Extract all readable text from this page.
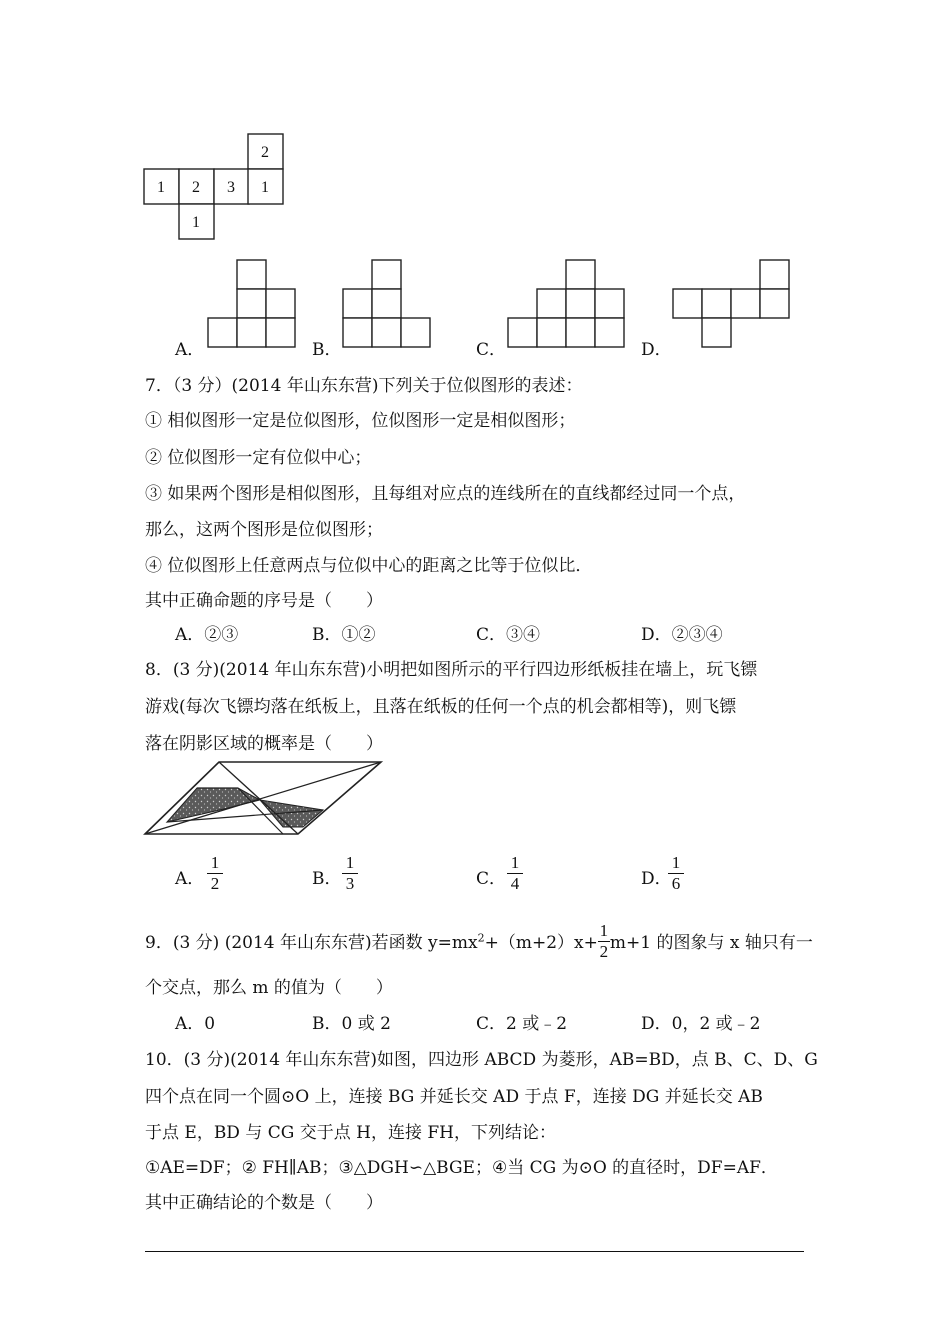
2
1 2 3 1
1
A．	B．	C．	D．
7．（3 分）(2014 年山东东营)下列关于位似图形的表述：
① 相似图形一定是位似图形，位似图形一定是相似图形；
② 位似图形一定有位似中心；
③ 如果两个图形是相似图形，且每组对应点的连线所在的直线都经过同一个点，
那么，这两个图形是位似图形；
④ 位似图形上任意两点与位似中心的距离之比等于位似比．
其中正确命题的序号是（　　）
A．②③	B．①②	C．③④	D．②③④
8．(3 分)(2014 年山东东营)小明把如图所示的平行四边形纸板挂在墙上，玩飞镖
游戏(每次飞镖均落在纸板上，且落在纸板的任何一个点的机会都相等)，则飞镖
落在阴影区域的概率是（　　）
A． $\frac{1}{2}$	B． $\frac{1}{3}$	C． $\frac{1}{4}$	D．
$\frac{1}{6}$
9．(3 分) (2014 年山东东营)若函数 $y=mx^2+(m+2)x+ \frac{1}{2} m+1$ 的图象与 x 轴只有一
个交点，那么 m 的值为（　　）
A．0	B．0 或 2	C．2 或﹣2	D．0，2 或﹣2
10．(3 分)(2014 年山东东营)如图，四边形 ABCD 为菱形，AB=BD，点 B、C、D、G
四个点在同一个圆⊙O 上，连接 BG 并延长交 AD 于点 F，连接 DG 并延长交 AB
于点 E，BD 与 CG 交于点 H，连接 FH，下列结论：
①AE=DF；② FH∥AB；③△DGH∽△BGE；④当 CG 为⊙O 的直径时，DF=AF．
其中正确结论的个数是（　　）
